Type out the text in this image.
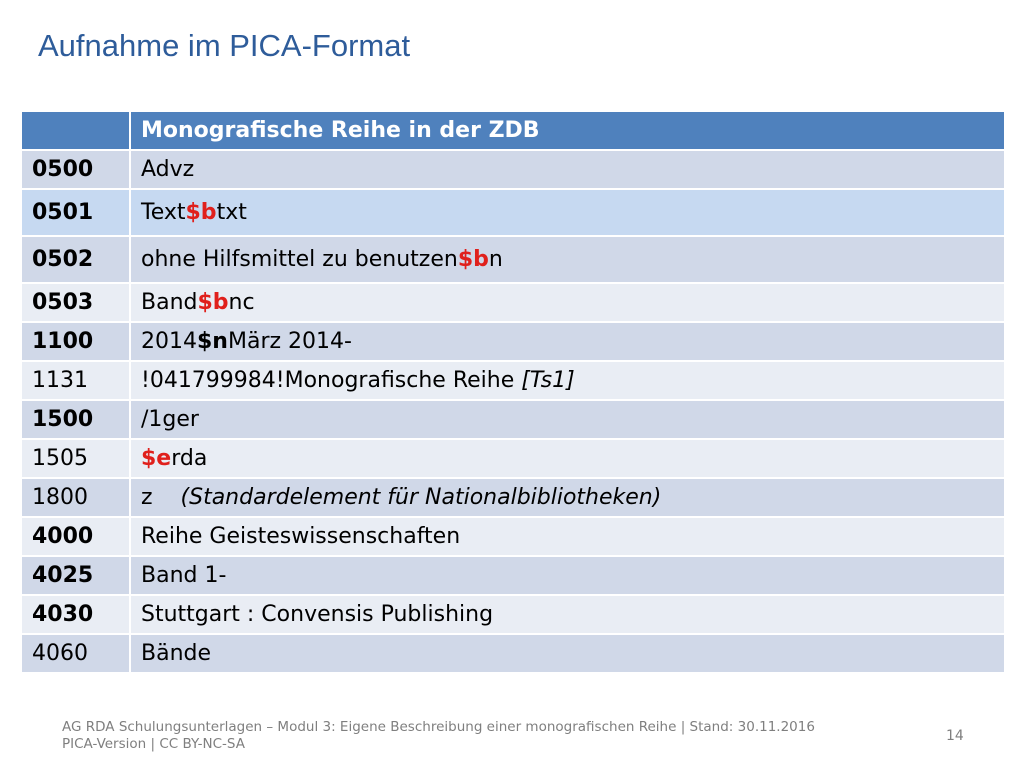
Aufnahme im PICA-Format
	Monografische Reihe in der ZDB
0500	Advz
0501	Text$btxt
0502	ohne Hilfsmittel zu benutzen$bn
0503	Band$bnc
1100	2014$nMärz 2014-
1131	!041799984!Monografische Reihe [Ts1]
1500	/1ger
1505	$erda
1800	z    (Standardelement für Nationalbibliotheken)
4000	Reihe Geisteswissenschaften
4025	Band 1-
4030	Stuttgart : Convensis Publishing
4060	Bände
AG RDA Schulungsunterlagen – Modul 3: Eigene Beschreibung einer monografischen Reihe | Stand: 30.11.2016
PICA-Version | CC BY-NC-SA	14
